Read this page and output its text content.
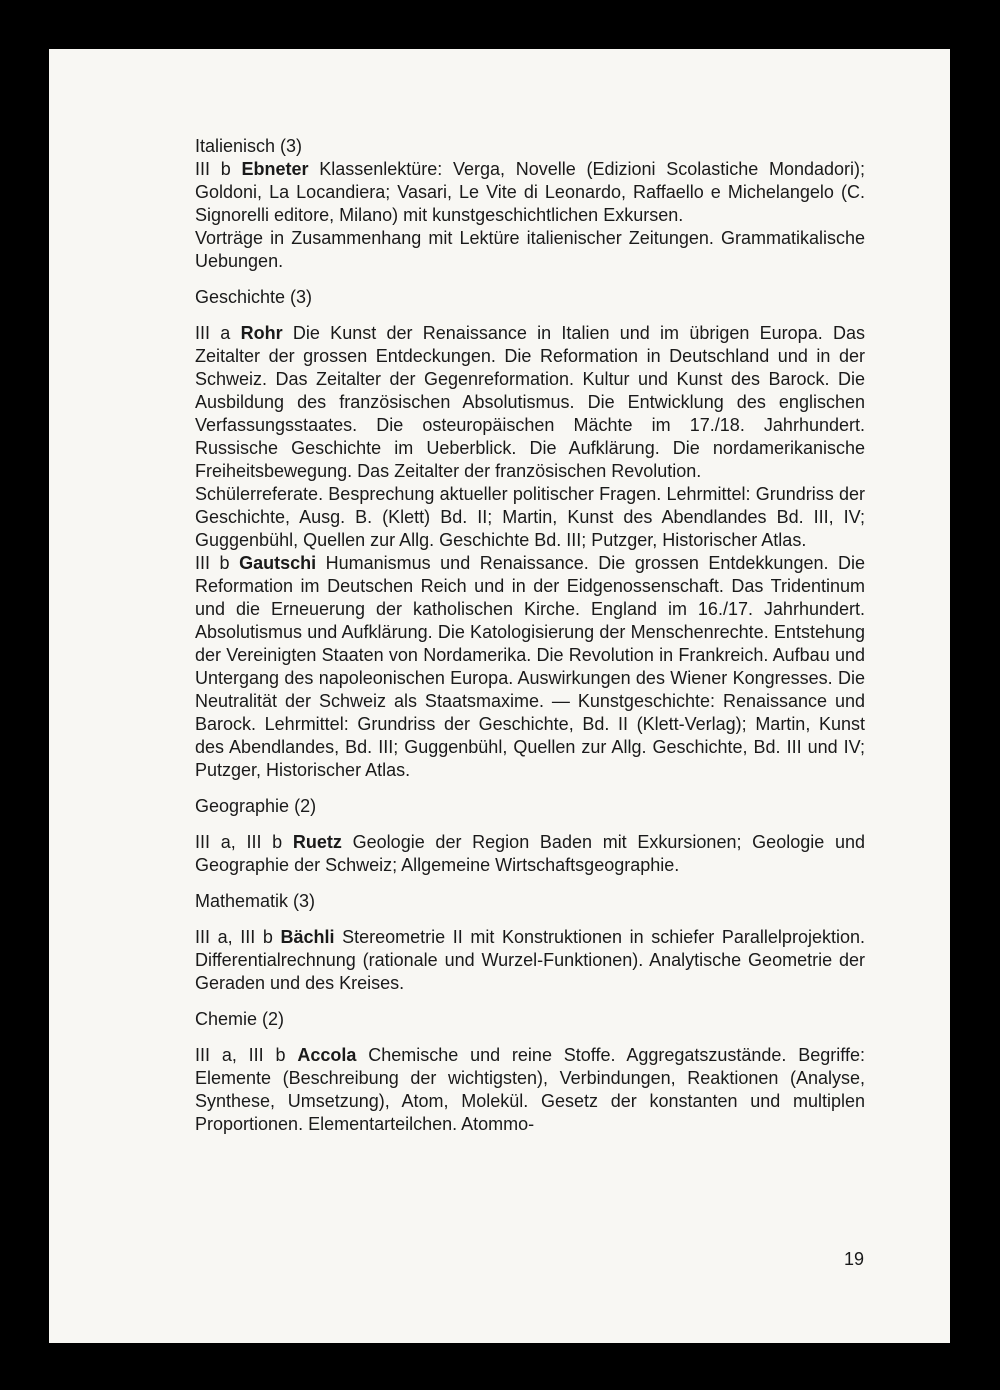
Italienisch (3)

III b Ebneter Klassenlektüre: Verga, Novelle (Edizioni Scolastiche Mondadori); Goldoni, La Locandiera; Vasari, Le Vite di Leonardo, Raffaello e Michelangelo (C. Signorelli editore, Milano) mit kunstgeschichtlichen Exkursen.

Vorträge in Zusammenhang mit Lektüre italienischer Zeitungen. Grammatikalische Uebungen.

Geschichte (3)

III a Rohr Die Kunst der Renaissance in Italien und im übrigen Europa. Das Zeitalter der grossen Entdeckungen. Die Reformation in Deutschland und in der Schweiz. Das Zeitalter der Gegenreformation. Kultur und Kunst des Barock. Die Ausbildung des französischen Absolutismus. Die Entwicklung des englischen Verfassungsstaates. Die osteuropäischen Mächte im 17./18. Jahrhundert. Russische Geschichte im Ueberblick. Die Aufklärung. Die nordamerikanische Freiheitsbewegung. Das Zeitalter der französischen Revolution.

Schülerreferate. Besprechung aktueller politischer Fragen. Lehrmittel: Grundriss der Geschichte, Ausg. B. (Klett) Bd. II; Martin, Kunst des Abendlandes Bd. III, IV; Guggenbühl, Quellen zur Allg. Geschichte Bd. III; Putzger, Historischer Atlas.

III b Gautschi Humanismus und Renaissance. Die grossen Entdekkungen. Die Reformation im Deutschen Reich und in der Eidgenossenschaft. Das Tridentinum und die Erneuerung der katholischen Kirche. England im 16./17. Jahrhundert. Absolutismus und Aufklärung. Die Katologisierung der Menschenrechte. Entstehung der Vereinigten Staaten von Nordamerika. Die Revolution in Frankreich. Aufbau und Untergang des napoleonischen Europa. Auswirkungen des Wiener Kongresses. Die Neutralität der Schweiz als Staatsmaxime. — Kunstgeschichte: Renaissance und Barock. Lehrmittel: Grundriss der Geschichte, Bd. II (Klett-Verlag); Martin, Kunst des Abendlandes, Bd. III; Guggenbühl, Quellen zur Allg. Geschichte, Bd. III und IV; Putzger, Historischer Atlas.

Geographie (2)

III a, III b Ruetz Geologie der Region Baden mit Exkursionen; Geologie und Geographie der Schweiz; Allgemeine Wirtschaftsgeographie.

Mathematik (3)

III a, III b Bächli Stereometrie II mit Konstruktionen in schiefer Parallelprojektion. Differentialrechnung (rationale und Wurzel-Funktionen). Analytische Geometrie der Geraden und des Kreises.

Chemie (2)

III a, III b Accola Chemische und reine Stoffe. Aggregatszustände. Begriffe: Elemente (Beschreibung der wichtigsten), Verbindungen, Reaktionen (Analyse, Synthese, Umsetzung), Atom, Molekül. Gesetz der konstanten und multiplen Proportionen. Elementarteilchen. Atommo-

19
